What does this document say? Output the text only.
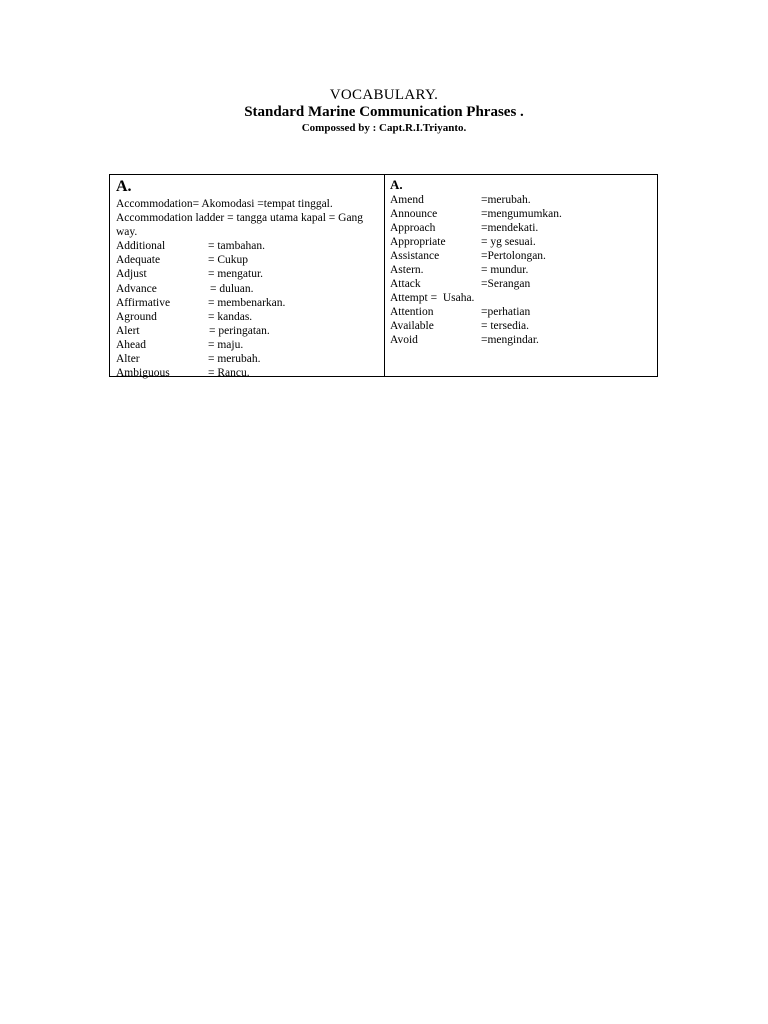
VOCABULARY.
Standard Marine Communication Phrases .
Compossed by : Capt.R.I.Triyanto.
A.
Accommodation= Akomodasi =tempat tinggal.
Accommodation ladder = tangga utama kapal = Gang way.
Additional	= tambahan.
Adequate	= Cukup
Adjust	= mengatur.
Advance	= duluan.
Affirmative	= membenarkan.
Aground	= kandas.
Alert	= peringatan.
Ahead	= maju.
Alter	= merubah.
Ambiguous	= Rancu.
A.
Amend	=merubah.
Announce	=mengumumkan.
Approach	=mendekati.
Appropriate	= yg sesuai.
Assistance	=Pertolongan.
Astern.	= mundur.
Attack	=Serangan
Attempt =  Usaha.
Attention	=perhatian
Available	= tersedia.
Avoid	=mengindar.
